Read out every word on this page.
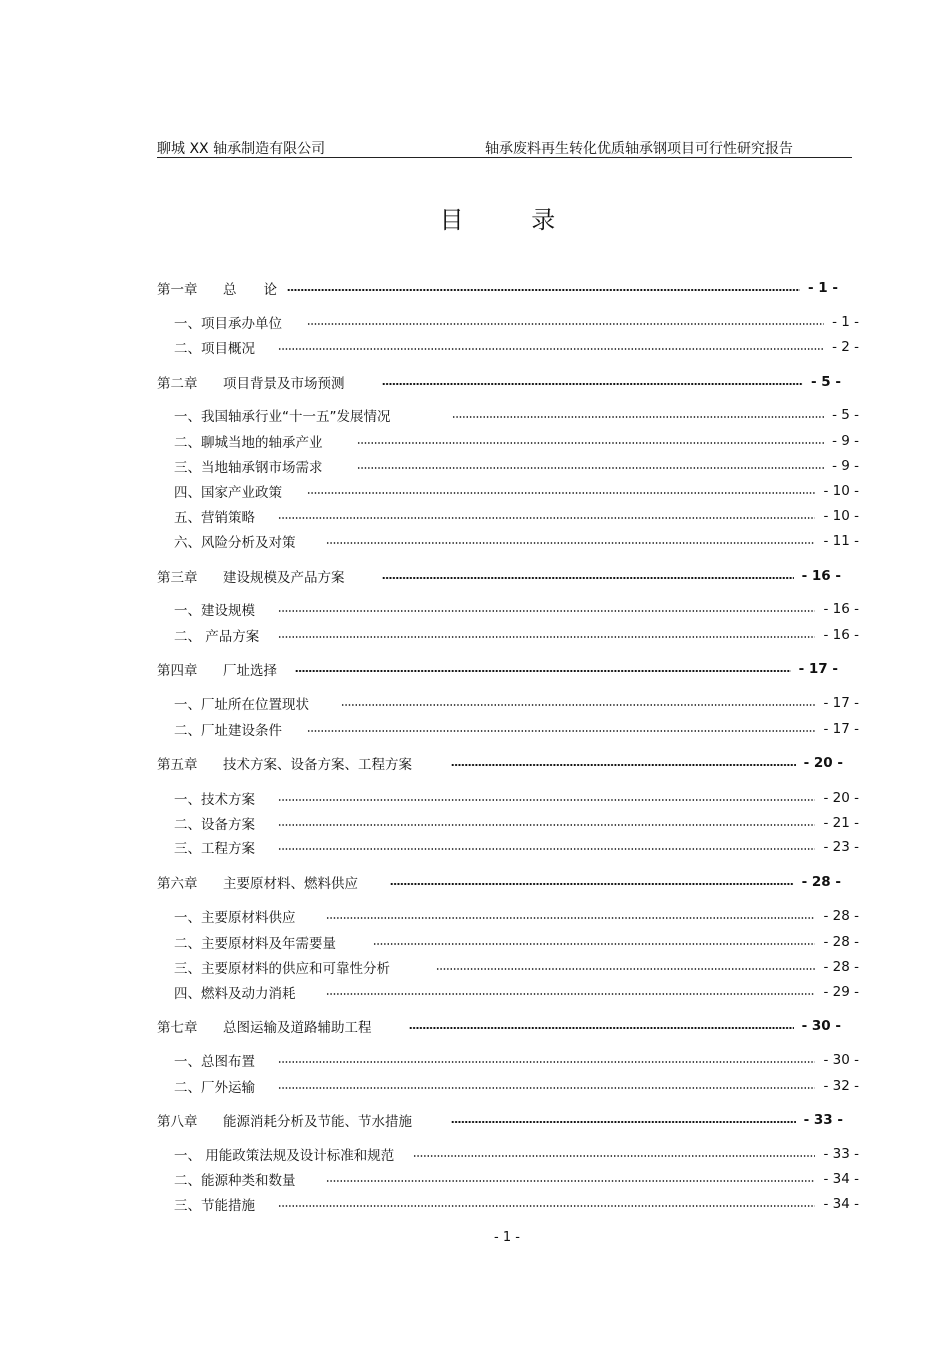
聊城 XX 轴承制造有限公司	轴承废料再生转化优质轴承钢项目可行性研究报告
目 录
第一章	总　　论	- 1 -
一、 项目承办单位	- 1 -
二、 项目概况	- 2 -
第二章	项目背景及市场预测	- 5 -
一、 我国轴承行业“十一五”发展情况	- 5 -
二、 聊城当地的轴承产业	- 9 -
三、 当地轴承钢市场需求	- 9 -
四、 国家产业政策	- 10 -
五、 营销策略	- 10 -
六、 风险分析及对策	- 11 -
第三章	建设规模及产品方案	- 16 -
一、 建设规模	- 16 -
二、 产品方案	- 16 -
第四章	厂址选择	- 17 -
一、 厂址所在位置现状	- 17 -
二、 厂址建设条件	- 17 -
第五章	技术方案、设备方案、工程方案	- 20 -
一、 技术方案	- 20 -
二、 设备方案	- 21 -
三、 工程方案	- 23 -
第六章	主要原材料、燃料供应	- 28 -
一、 主要原材料供应	- 28 -
二、 主要原材料及年需要量	- 28 -
三、 主要原材料的供应和可靠性分析	- 28 -
四、 燃料及动力消耗	- 29 -
第七章	总图运输及道路辅助工程	- 30 -
一、 总图布置	- 30 -
二、 厂外运输	- 32 -
第八章	能源消耗分析及节能、节水措施	- 33 -
一、 用能政策法规及设计标准和规范	- 33 -
二、 能源种类和数量	- 34 -
三、 节能措施	- 34 -
- 1 -
